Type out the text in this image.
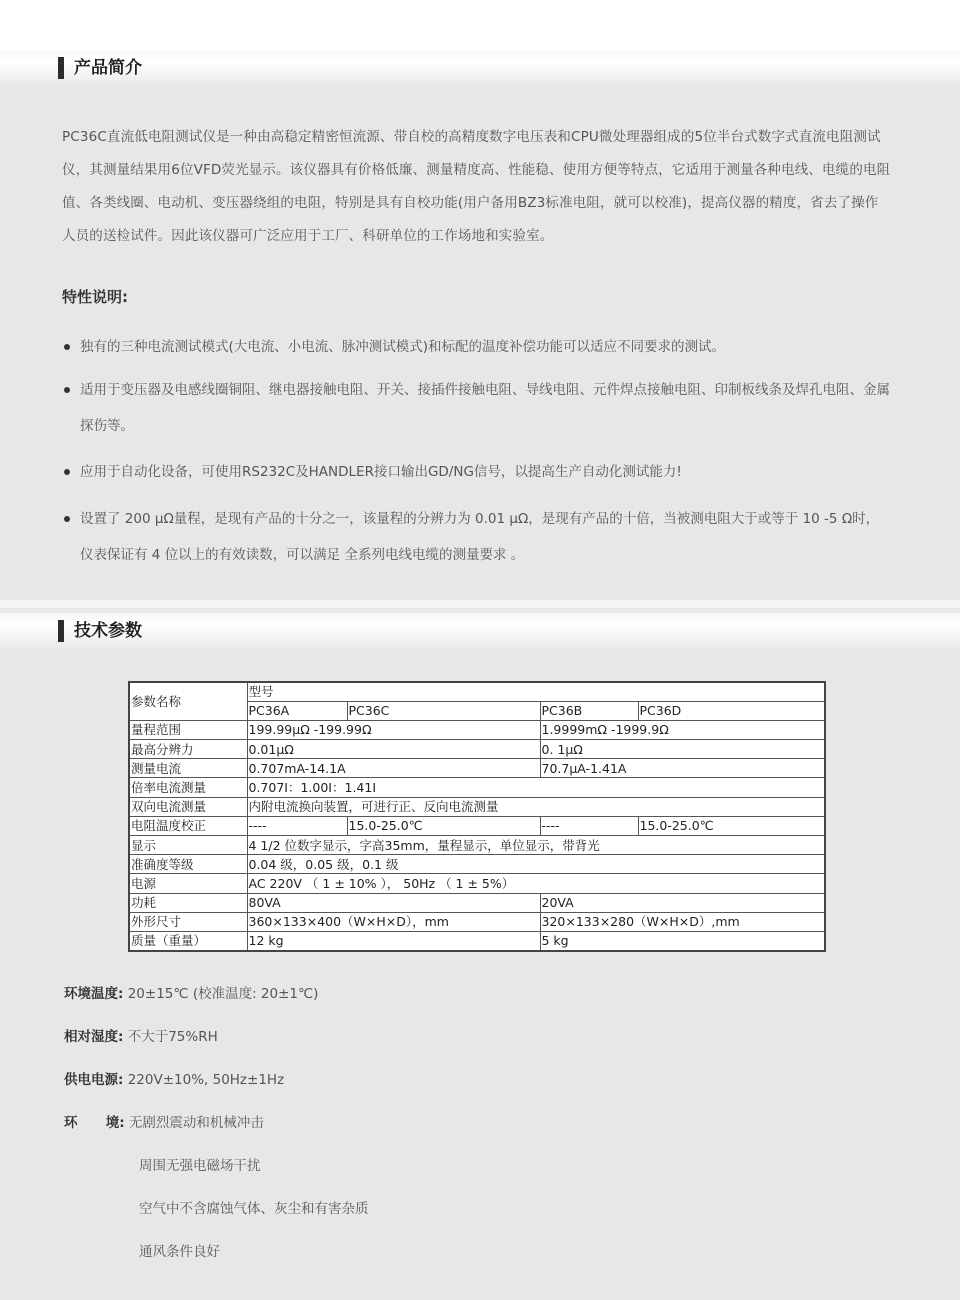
产品简介
PC36C直流低电阻测试仪是一种由高稳定精密恒流源、带自校的高精度数字电压表和CPU微处理器组成的5位半台式数字式直流电阻测试仪，其测量结果用6位VFD荧光显示。该仪器具有价格低廉、测量精度高、性能稳、使用方便等特点，它适用于测量各种电线、电缆的电阻值、各类线圈、电动机、变压器绕组的电阻，特别是具有自校功能(用户备用BZ3标准电阻，就可以校准)，提高仪器的精度，省去了操作人员的送检试件。因此该仪器可广泛应用于工厂、科研单位的工作场地和实验室。
特性说明:
独有的三种电流测试模式(大电流、小电流、脉冲测试模式)和标配的温度补偿功能可以适应不同要求的测试。
适用于变压器及电感线圈铜阻、继电器接触电阻、开关、接插件接触电阻、导线电阻、元件焊点接触电阻、印制板线条及焊孔电阻、金属探伤等。
应用于自动化设备，可使用RS232C及HANDLER接口输出GD/NG信号，以提高生产自动化测试能力!
设置了 200 μΩ量程，是现有产品的十分之一，该量程的分辨力为 0.01 μΩ，是现有产品的十倍，当被测电阻大于或等于 10 -5 Ω时，仪表保证有 4 位以上的有效读数，可以满足 全系列电线电缆的测量要求 。
技术参数
参数名称	型号			
	PC36A	PC36C	PC36B	PC36D
量程范围	199.99μΩ -199.99Ω		1.9999mΩ -1999.9Ω	
最高分辨力	0.01μΩ		0. 1μΩ	
测量电流	0.707mA-14.1A		70.7μA-1.41A	
倍率电流测量	0.707I：1.00I：1.41I			
双向电流测量	内附电流换向装置，可进行正、反向电流测量			
电阻温度校正	----	15.0-25.0℃	----	15.0-25.0℃
显示	4 1/2 位数字显示，字高35mm，量程显示，单位显示，带背光			
准确度等级	0.04 级，0.05 级，0.1 级			
电源	AC 220V （ 1 ± 10% ）， 50Hz （ 1 ± 5%）			
功耗	80VA		20VA	
外形尺寸	360×133×400（W×H×D），mm		320×133×280（W×H×D）,mm	
质量（重量）	12 kg		5 kg	
环境温度: 20±15℃ (校准温度: 20±1℃)
相对湿度: 不大于75%RH
供电电源: 220V±10%, 50Hz±1Hz
环      境: 无剧烈震动和机械冲击
周围无强电磁场干扰
空气中不含腐蚀气体、灰尘和有害杂质
通风条件良好
